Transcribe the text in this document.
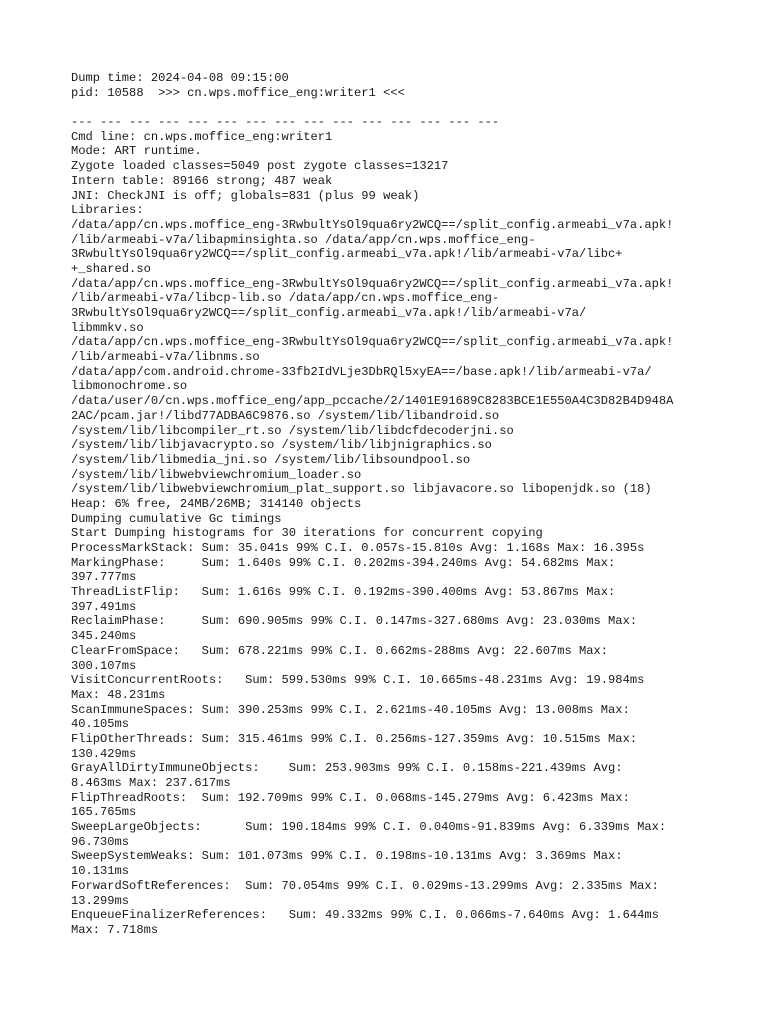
Dump time: 2024-04-08 09:15:00
pid: 10588  >>> cn.wps.moffice_eng:writer1 <<<
--- --- --- --- --- --- --- --- --- --- --- --- --- --- ---
Cmd line: cn.wps.moffice_eng:writer1
Mode: ART runtime.
Zygote loaded classes=5049 post zygote classes=13217
Intern table: 89166 strong; 487 weak
JNI: CheckJNI is off; globals=831 (plus 99 weak)
Libraries:
/data/app/cn.wps.moffice_eng-3RwbultYsOl9qua6ry2WCQ==/split_config.armeabi_v7a.apk!
/lib/armeabi-v7a/libapminsighta.so /data/app/cn.wps.moffice_eng-
3RwbultYsOl9qua6ry2WCQ==/split_config.armeabi_v7a.apk!/lib/armeabi-v7a/libc+
+_shared.so
/data/app/cn.wps.moffice_eng-3RwbultYsOl9qua6ry2WCQ==/split_config.armeabi_v7a.apk!
/lib/armeabi-v7a/libcp-lib.so /data/app/cn.wps.moffice_eng-
3RwbultYsOl9qua6ry2WCQ==/split_config.armeabi_v7a.apk!/lib/armeabi-v7a/
libmmkv.so
/data/app/cn.wps.moffice_eng-3RwbultYsOl9qua6ry2WCQ==/split_config.armeabi_v7a.apk!
/lib/armeabi-v7a/libnms.so
/data/app/com.android.chrome-33fb2IdVLje3DbRQl5xyEA==/base.apk!/lib/armeabi-v7a/
libmonochrome.so
/data/user/0/cn.wps.moffice_eng/app_pccache/2/1401E91689C8283BCE1E550A4C3D82B4D948A
2AC/pcam.jar!/libd77ADBA6C9876.so /system/lib/libandroid.so
/system/lib/libcompiler_rt.so /system/lib/libdcfdecoderjni.so
/system/lib/libjavacrypto.so /system/lib/libjnigraphics.so
/system/lib/libmedia_jni.so /system/lib/libsoundpool.so
/system/lib/libwebviewchromium_loader.so
/system/lib/libwebviewchromium_plat_support.so libjavacore.so libopenjdk.so (18)
Heap: 6% free, 24MB/26MB; 314140 objects
Dumping cumulative Gc timings
Start Dumping histograms for 30 iterations for concurrent copying
ProcessMarkStack: Sum: 35.041s 99% C.I. 0.057s-15.810s Avg: 1.168s Max: 16.395s
MarkingPhase:     Sum: 1.640s 99% C.I. 0.202ms-394.240ms Avg: 54.682ms Max:
397.777ms
ThreadListFlip:   Sum: 1.616s 99% C.I. 0.192ms-390.400ms Avg: 53.867ms Max:
397.491ms
ReclaimPhase:     Sum: 690.905ms 99% C.I. 0.147ms-327.680ms Avg: 23.030ms Max:
345.240ms
ClearFromSpace:   Sum: 678.221ms 99% C.I. 0.662ms-288ms Avg: 22.607ms Max:
300.107ms
VisitConcurrentRoots:   Sum: 599.530ms 99% C.I. 10.665ms-48.231ms Avg: 19.984ms
Max: 48.231ms
ScanImmuneSpaces: Sum: 390.253ms 99% C.I. 2.621ms-40.105ms Avg: 13.008ms Max:
40.105ms
FlipOtherThreads: Sum: 315.461ms 99% C.I. 0.256ms-127.359ms Avg: 10.515ms Max:
130.429ms
GrayAllDirtyImmuneObjects:    Sum: 253.903ms 99% C.I. 0.158ms-221.439ms Avg:
8.463ms Max: 237.617ms
FlipThreadRoots:  Sum: 192.709ms 99% C.I. 0.068ms-145.279ms Avg: 6.423ms Max:
165.765ms
SweepLargeObjects:      Sum: 190.184ms 99% C.I. 0.040ms-91.839ms Avg: 6.339ms Max:
96.730ms
SweepSystemWeaks: Sum: 101.073ms 99% C.I. 0.198ms-10.131ms Avg: 3.369ms Max:
10.131ms
ForwardSoftReferences:  Sum: 70.054ms 99% C.I. 0.029ms-13.299ms Avg: 2.335ms Max:
13.299ms
EnqueueFinalizerReferences:   Sum: 49.332ms 99% C.I. 0.066ms-7.640ms Avg: 1.644ms
Max: 7.718ms
